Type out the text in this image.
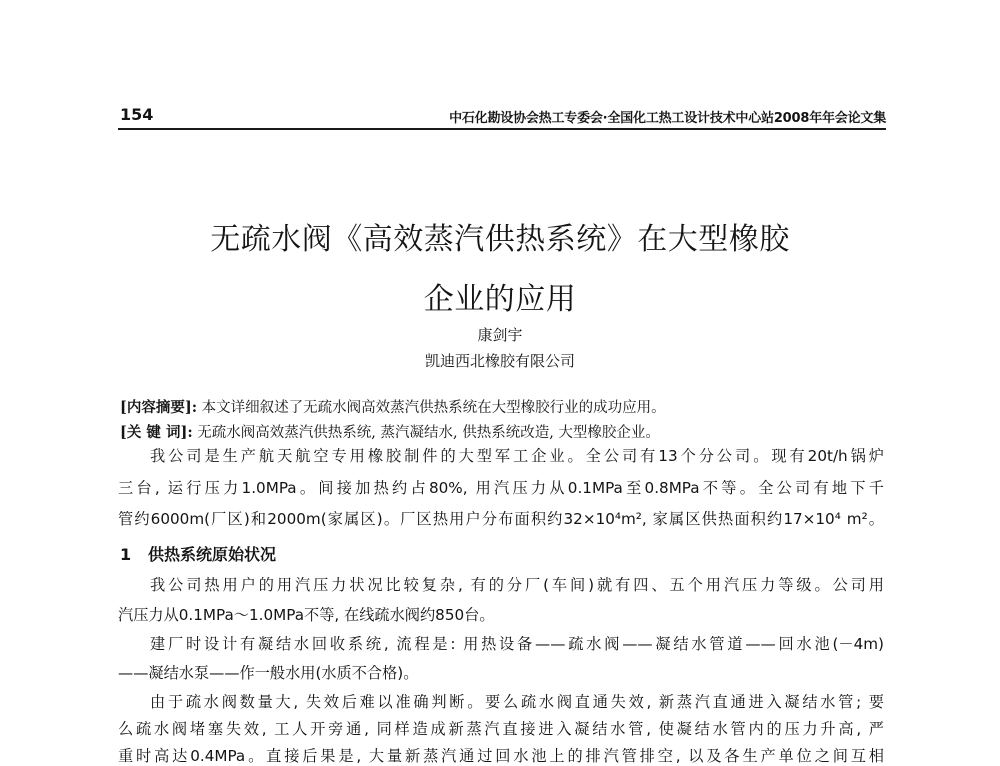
154	中石化勘设协会热工专委会·全国化工热工设计技术中心站2008年年会论文集
无疏水阀《高效蒸汽供热系统》在大型橡胶
企业的应用
康剑宇
凯迪西北橡胶有限公司
[内容摘要]: 本文详细叙述了无疏水阀高效蒸汽供热系统在大型橡胶行业的成功应用。
[关 键 词]: 无疏水阀高效蒸汽供热系统, 蒸汽凝结水, 供热系统改造, 大型橡胶企业。
我公司是生产航天航空专用橡胶制件的大型军工企业。全公司有13个分公司。现有20t/h锅炉
三台, 运行压力1.0MPa。间接加热约占80%, 用汽压力从0.1MPa至0.8MPa不等。全公司有地下千
管约6000m(厂区)和2000m(家属区)。厂区热用户分布面积约32×10⁴m², 家属区供热面积约17×10⁴ m²。
1 供热系统原始状况
我公司热用户的用汽压力状况比较复杂, 有的分厂(车间)就有四、五个用汽压力等级。公司用
汽压力从0.1MPa～1.0MPa不等, 在线疏水阀约850台。
建厂时设计有凝结水回收系统, 流程是: 用热设备——疏水阀——凝结水管道——回水池(－4m)
——凝结水泵——作一般水用(水质不合格)。
由于疏水阀数量大, 失效后难以准确判断。要么疏水阀直通失效, 新蒸汽直通进入凝结水管; 要
么疏水阀堵塞失效, 工人开旁通, 同样造成新蒸汽直接进入凝结水管, 使凝结水管内的压力升高, 严
重时高达0.4MPa。直接后果是, 大量新蒸汽通过回水池上的排汽管排空, 以及各生产单位之间互相
